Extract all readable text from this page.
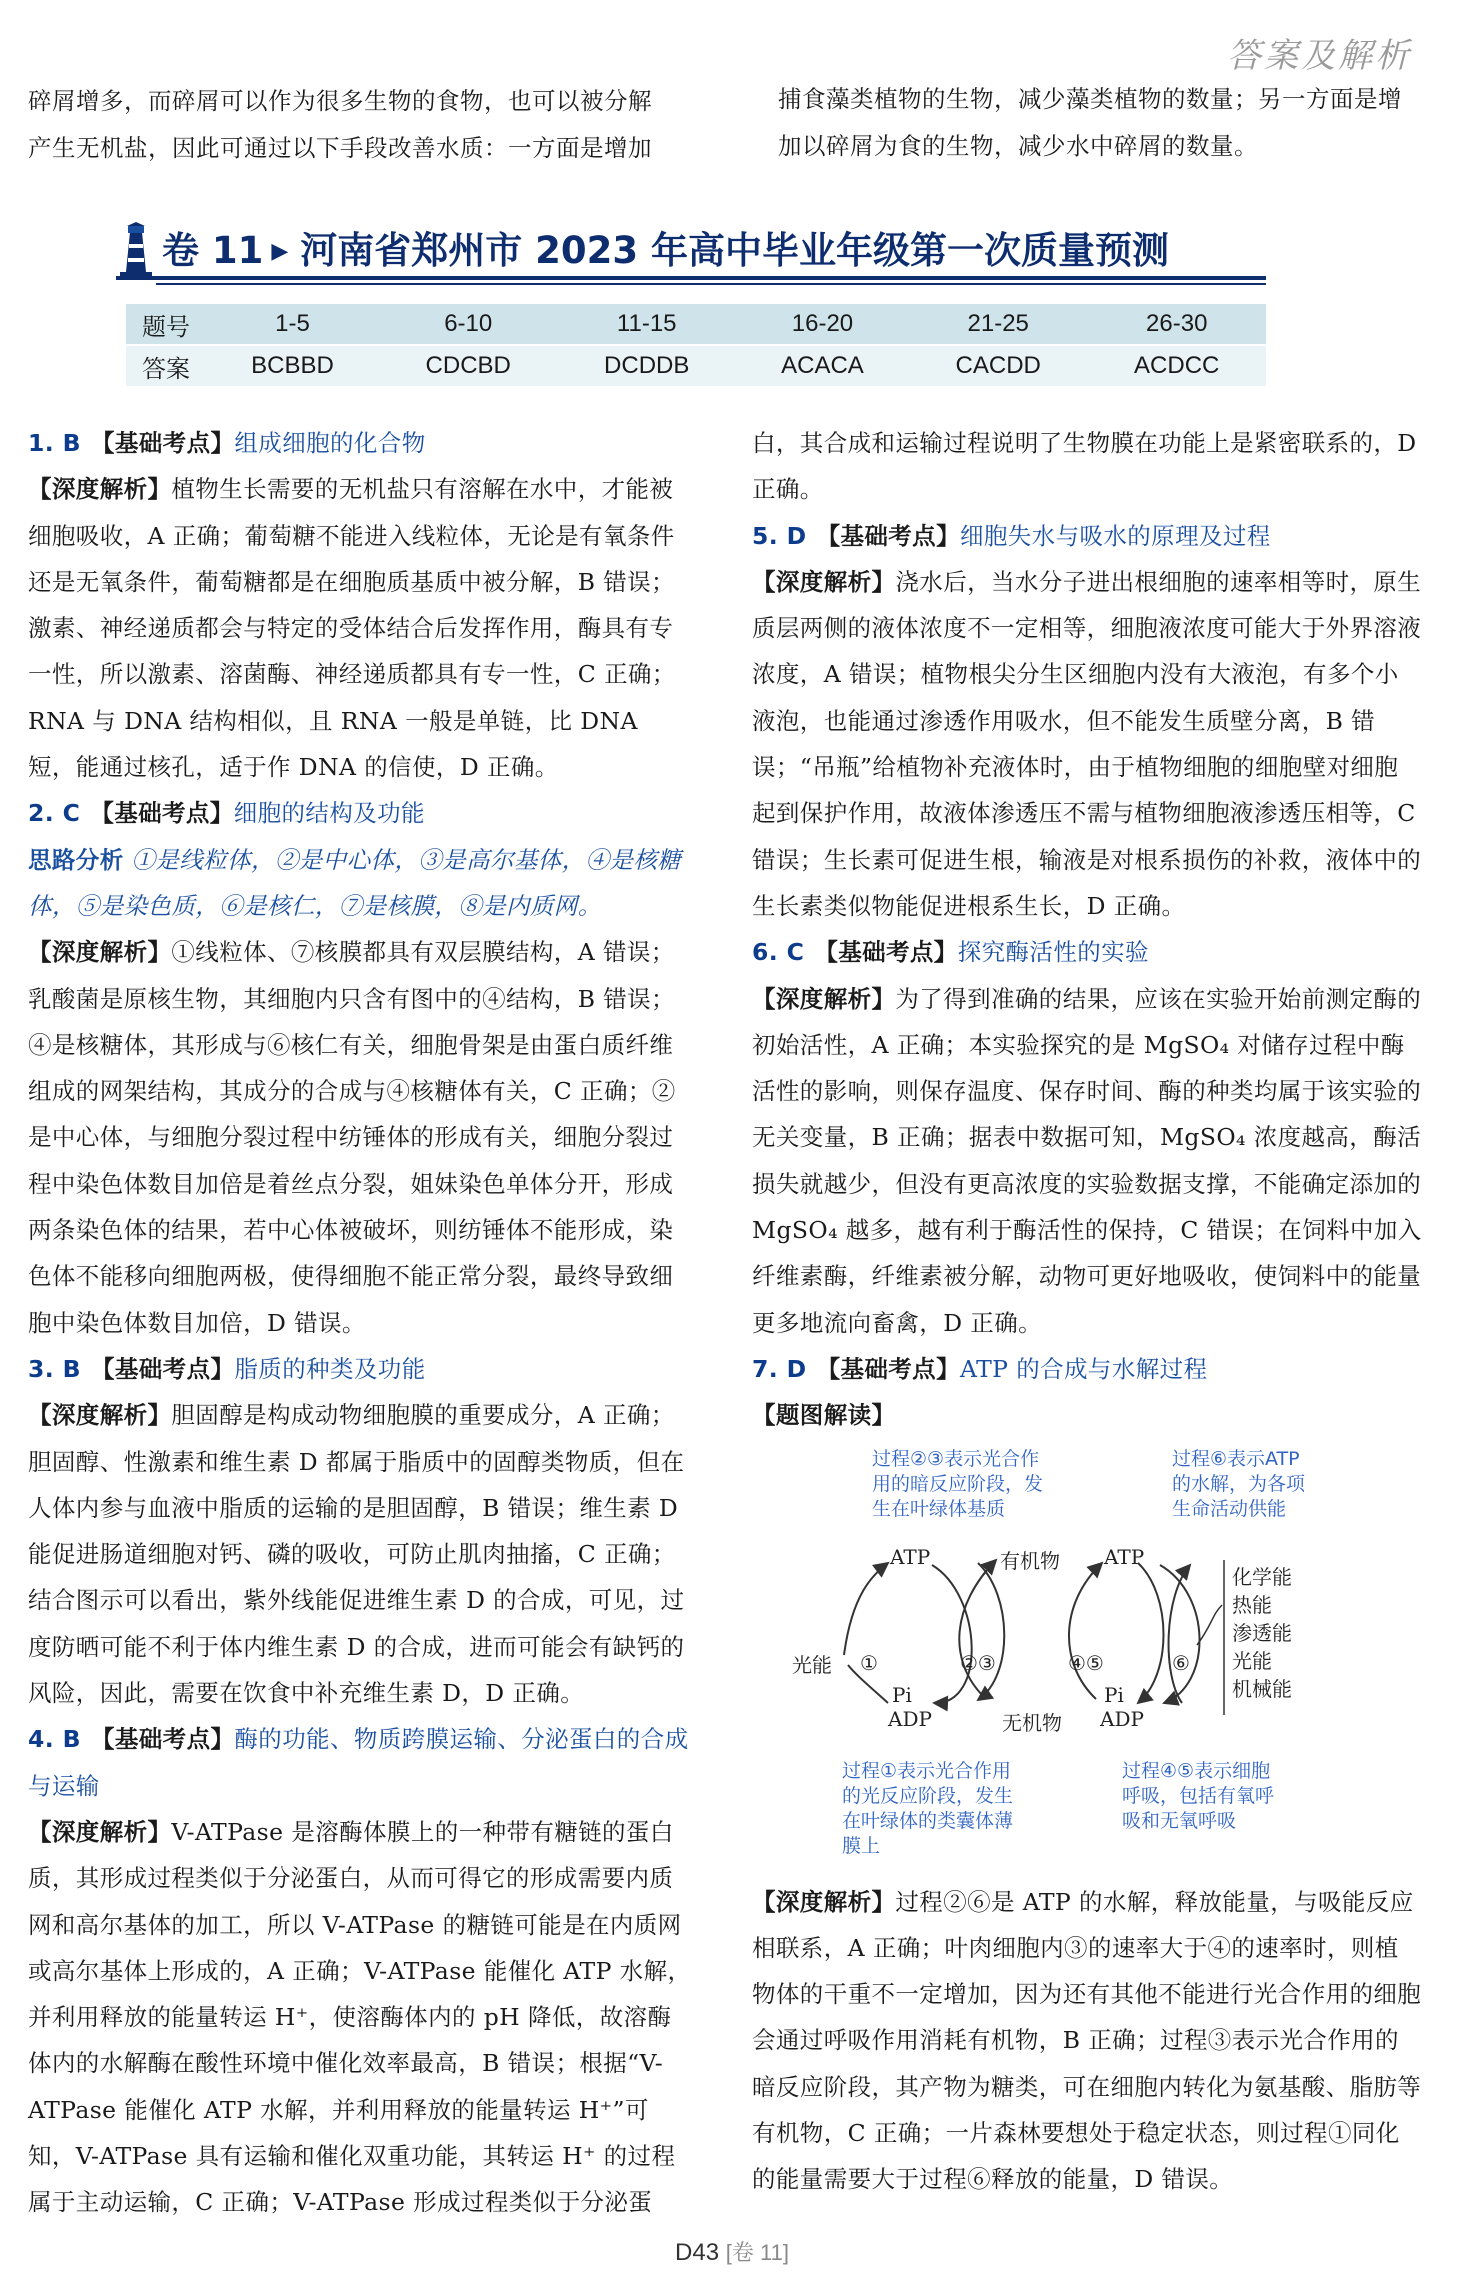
答案及解析

碎屑增多，而碎屑可以作为很多生物的食物，也可以被分解

产生无机盐，因此可通过以下手段改善水质：一方面是增加

捕食藻类植物的生物，减少藻类植物的数量；另一方面是增

加以碎屑为食的生物，减少水中碎屑的数量。

卷 11 ▶ 河南省郑州市 2023 年高中毕业年级第一次质量预测
题号	1-5	6-10	11-15	16-20	21-25	26-30
答案	BCBBD	CDCBD	DCDDB	ACACA	CACDD	ACDCC

1. B 【基础考点】组成细胞的化合物

【深度解析】植物生长需要的无机盐只有溶解在水中，才能被细胞吸收，A 正确；葡萄糖不能进入线粒体，无论是有氧条件还是无氧条件，葡萄糖都是在细胞质基质中被分解，B 错误；激素、神经递质都会与特定的受体结合后发挥作用，酶具有专一性，所以激素、溶菌酶、神经递质都具有专一性，C 正确；RNA 与 DNA 结构相似，且 RNA 一般是单链，比 DNA 短，能通过核孔，适于作 DNA 的信使，D 正确。

2. C 【基础考点】细胞的结构及功能

思路分析 ①是线粒体，②是中心体，③是高尔基体，④是核糖体，⑤是染色质，⑥是核仁，⑦是核膜，⑧是内质网。

【深度解析】①线粒体、⑦核膜都具有双层膜结构，A 错误；乳酸菌是原核生物，其细胞内只含有图中的④结构，B 错误；④是核糖体，其形成与⑥核仁有关，细胞骨架是由蛋白质纤维组成的网架结构，其成分的合成与④核糖体有关，C 正确；②是中心体，与细胞分裂过程中纺锤体的形成有关，细胞分裂过程中染色体数目加倍是着丝点分裂，姐妹染色单体分开，形成两条染色体的结果，若中心体被破坏，则纺锤体不能形成，染色体不能移向细胞两极，使得细胞不能正常分裂，最终导致细胞中染色体数目加倍，D 错误。

3. B 【基础考点】脂质的种类及功能

【深度解析】胆固醇是构成动物细胞膜的重要成分，A 正确；胆固醇、性激素和维生素 D 都属于脂质中的固醇类物质，但在人体内参与血液中脂质的运输的是胆固醇，B 错误；维生素 D 能促进肠道细胞对钙、磷的吸收，可防止肌肉抽搐，C 正确；结合图示可以看出，紫外线能促进维生素 D 的合成，可见，过度防晒可能不利于体内维生素 D 的合成，进而可能会有缺钙的风险，因此，需要在饮食中补充维生素 D，D 正确。

4. B 【基础考点】酶的功能、物质跨膜运输、分泌蛋白的合成与运输

【深度解析】V-ATPase 是溶酶体膜上的一种带有糖链的蛋白质，其形成过程类似于分泌蛋白，从而可得它的形成需要内质网和高尔基体的加工，所以 V-ATPase 的糖链可能是在内质网或高尔基体上形成的，A 正确；V-ATPase 能催化 ATP 水解，并利用释放的能量转运 H⁺，使溶酶体内的 pH 降低，故溶酶体内的水解酶在酸性环境中催化效率最高，B 错误；根据“V-ATPase 能催化 ATP 水解，并利用释放的能量转运 H⁺”可知，V-ATPase 具有运输和催化双重功能，其转运 H⁺ 的过程属于主动运输，C 正确；V-ATPase 形成过程类似于分泌蛋

白，其合成和运输过程说明了生物膜在功能上是紧密联系的，D 正确。

5. D 【基础考点】细胞失水与吸水的原理及过程

【深度解析】浇水后，当水分子进出根细胞的速率相等时，原生质层两侧的液体浓度不一定相等，细胞液浓度可能大于外界溶液浓度，A 错误；植物根尖分生区细胞内没有大液泡，有多个小液泡，也能通过渗透作用吸水，但不能发生质壁分离，B 错误；“吊瓶”给植物补充液体时，由于植物细胞的细胞壁对细胞起到保护作用，故液体渗透压不需与植物细胞液渗透压相等，C 错误；生长素可促进生根，输液是对根系损伤的补救，液体中的生长素类似物能促进根系生长，D 正确。

6. C 【基础考点】探究酶活性的实验

【深度解析】为了得到准确的结果，应该在实验开始前测定酶的初始活性，A 正确；本实验探究的是 MgSO₄ 对储存过程中酶活性的影响，则保存温度、保存时间、酶的种类均属于该实验的无关变量，B 正确；据表中数据可知，MgSO₄ 浓度越高，酶活损失就越少，但没有更高浓度的实验数据支撑，不能确定添加的 MgSO₄ 越多，越有利于酶活性的保持，C 错误；在饲料中加入纤维素酶，纤维素被分解，动物可更好地吸收，使饲料中的能量更多地流向畜禽，D 正确。

7. D 【基础考点】ATP 的合成与水解过程

【题图解读】

过程②③表示光合作
用的暗反应阶段，发
生在叶绿体基质
过程⑥表示ATP
的水解，为各项
生命活动供能
ATP	有机物 ATP
光能 ①	②③	④⑤	⑥
Pi	Pi
ADP	无机物 ADP
化学能
热能
渗透能
光能
机械能
过程①表示光合作用
的光反应阶段，发生
在叶绿体的类囊体薄
膜上
过程④⑤表示细胞
呼吸，包括有氧呼
吸和无氧呼吸

【深度解析】过程②⑥是 ATP 的水解，释放能量，与吸能反应相联系，A 正确；叶肉细胞内③的速率大于④的速率时，则植物体的干重不一定增加，因为还有其他不能进行光合作用的细胞会通过呼吸作用消耗有机物，B 正确；过程③表示光合作用的暗反应阶段，其产物为糖类，可在细胞内转化为氨基酸、脂肪等有机物，C 正确；一片森林要想处于稳定状态，则过程①同化的能量需要大于过程⑥释放的能量，D 错误。

D43 [卷 11]
